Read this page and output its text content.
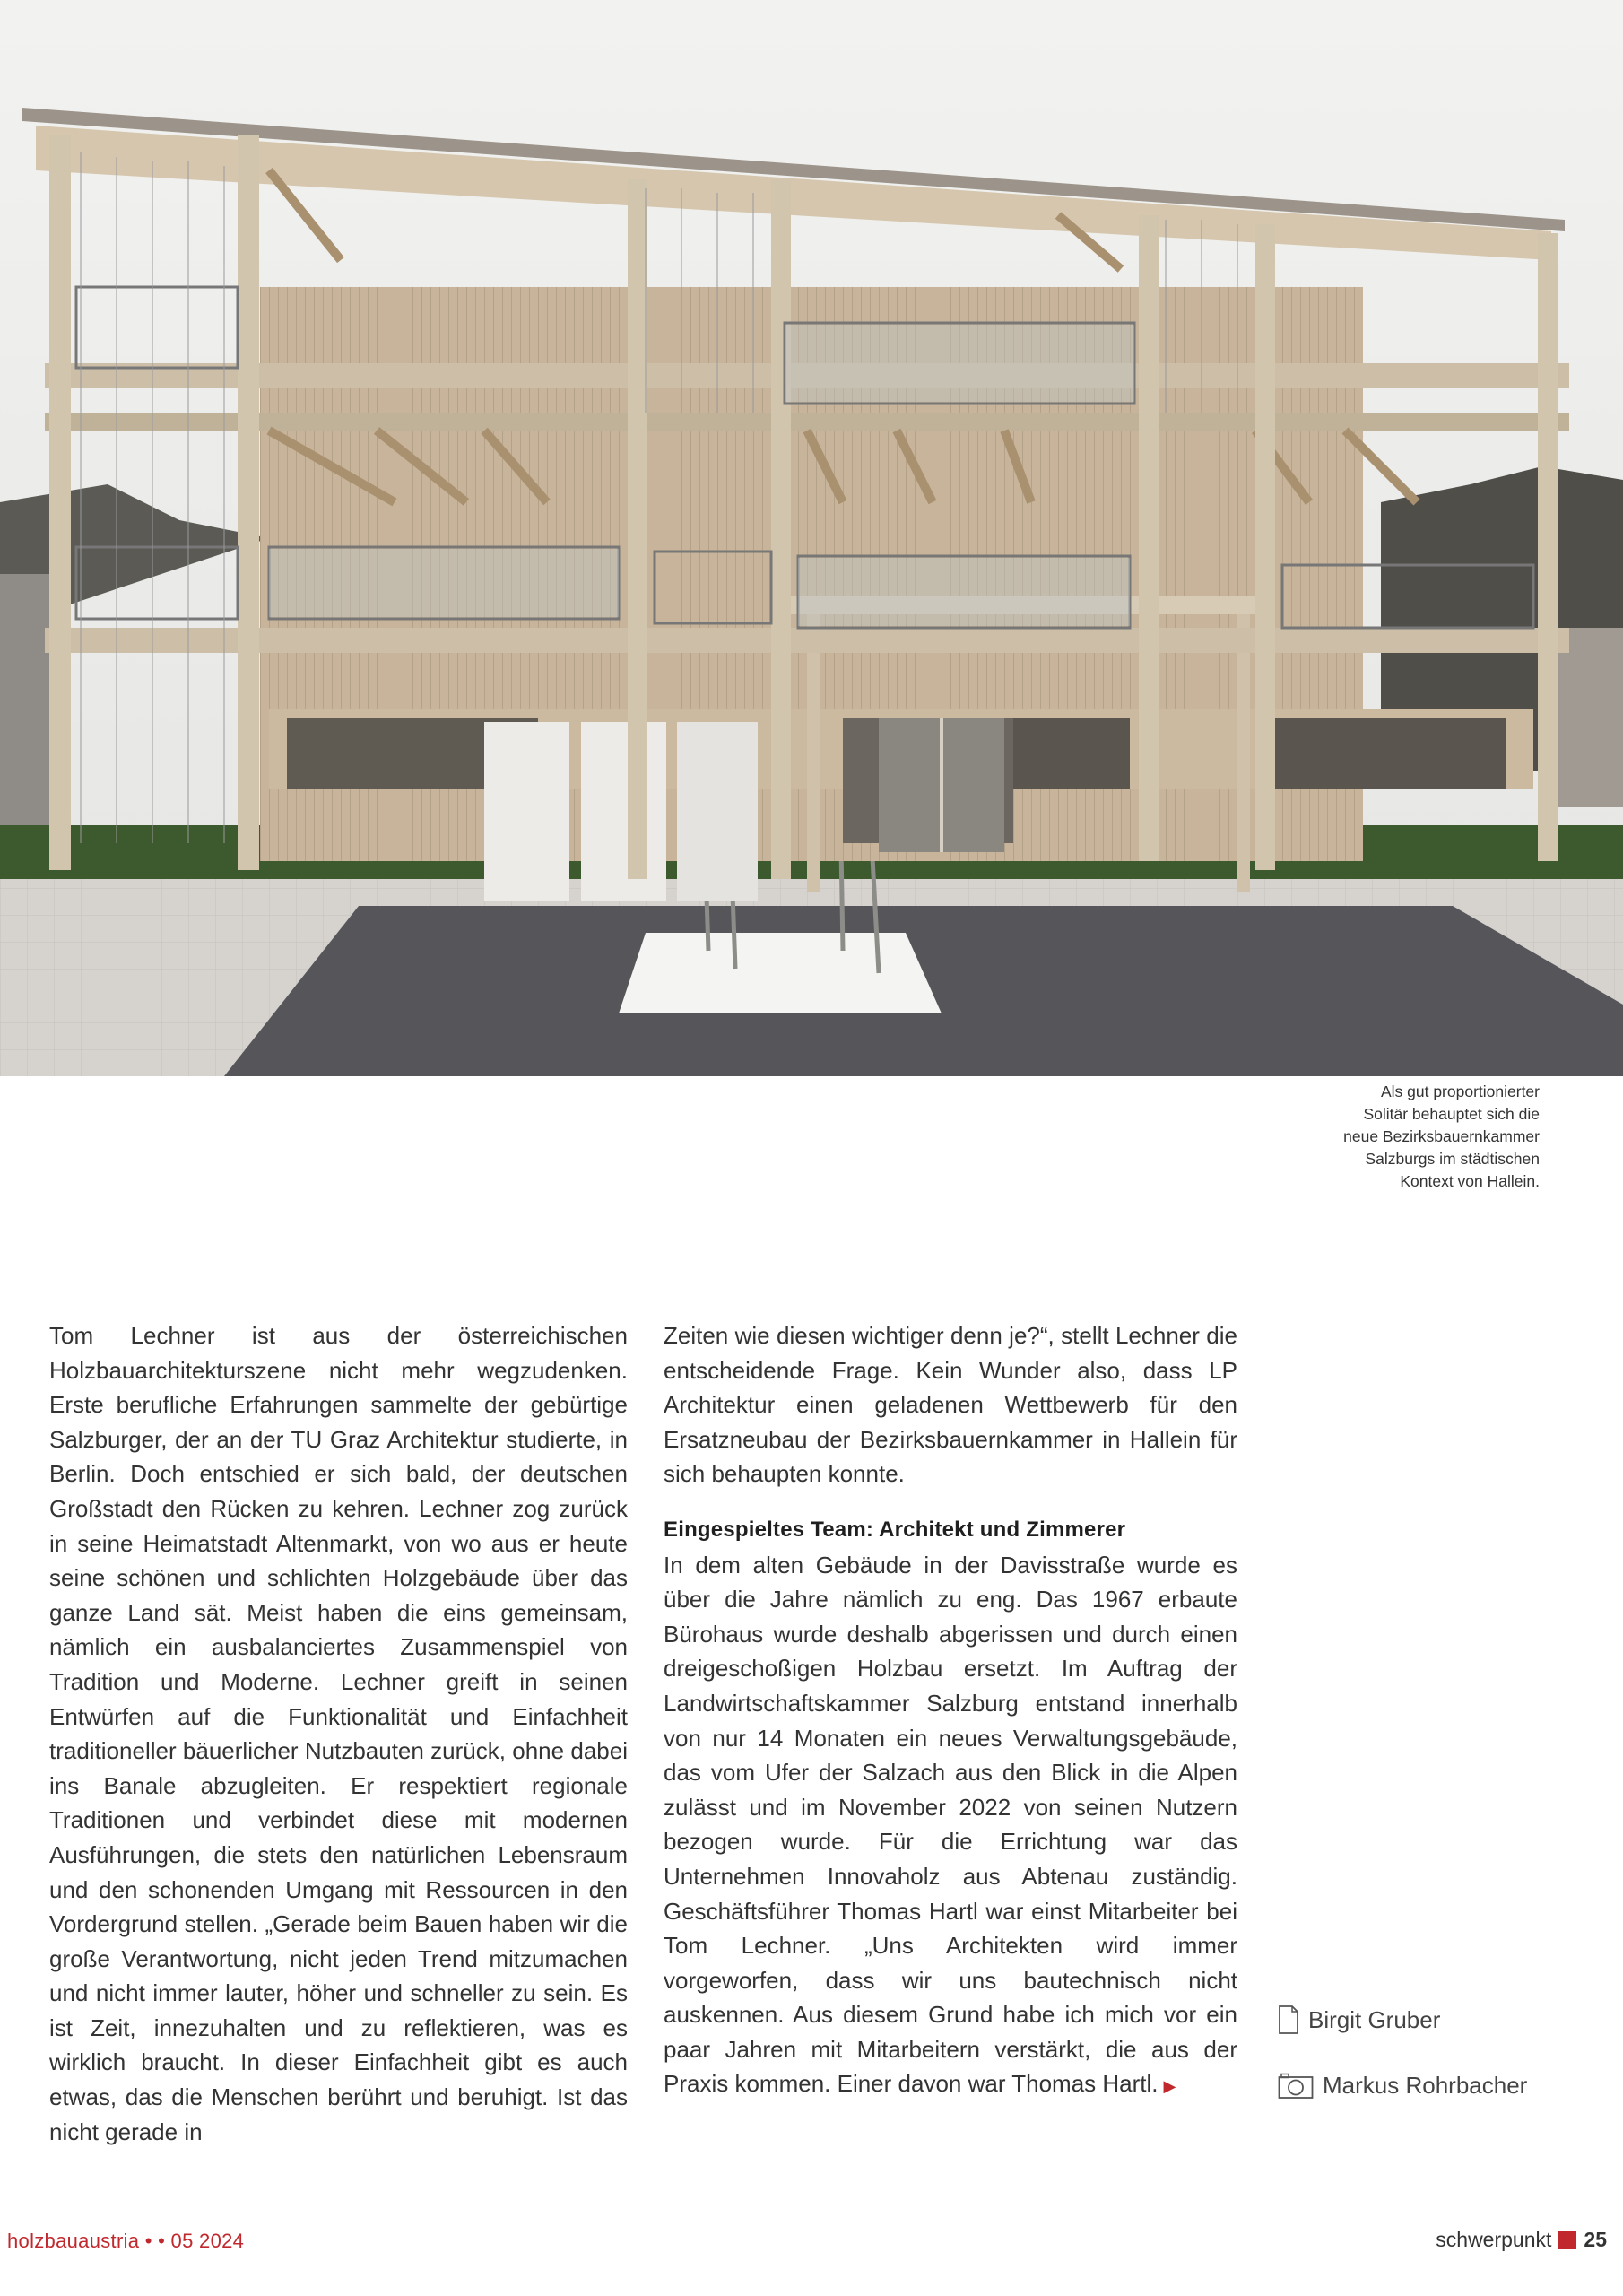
Als gut proportionierter
Solitär behauptet sich die
neue Bezirksbauernkammer
Salzburgs im städtischen
Kontext von Hallein.

Tom Lechner ist aus der österreichischen Holzbauarchitekturszene nicht mehr wegzudenken. Erste berufliche Erfahrungen sammelte der gebürtige Salzburger, der an der TU Graz Architektur studierte, in Berlin. Doch entschied er sich bald, der deutschen Großstadt den Rücken zu kehren. Lechner zog zurück in seine Heimatstadt Altenmarkt, von wo aus er heute seine schönen und schlichten Holzgebäude über das ganze Land sät. Meist haben die eins gemeinsam, nämlich ein ausbalanciertes Zusammenspiel von Tradition und Moderne. Lechner greift in seinen Entwürfen auf die Funktionalität und Einfachheit traditioneller bäuerlicher Nutzbauten zurück, ohne dabei ins Banale abzugleiten. Er respektiert regionale Traditionen und verbindet diese mit modernen Ausführungen, die stets den natürlichen Lebensraum und den schonenden Umgang mit Ressourcen in den Vordergrund stellen. „Gerade beim Bauen haben wir die große Verantwortung, nicht jeden Trend mitzumachen und nicht immer lauter, höher und schneller zu sein. Es ist Zeit, innezuhalten und zu reflektieren, was es wirklich braucht. In dieser Einfachheit gibt es auch etwas, das die Menschen berührt und beruhigt. Ist das nicht gerade in

Zeiten wie diesen wichtiger denn je?“, stellt Lechner die entscheidende Frage. Kein Wunder also, dass LP Architektur einen geladenen Wettbewerb für den Ersatzneubau der Bezirksbauernkammer in Hallein für sich behaupten konnte.

Eingespieltes Team: Architekt und Zimmerer

In dem alten Gebäude in der Davisstraße wurde es über die Jahre nämlich zu eng. Das 1967 erbaute Bürohaus wurde deshalb abgerissen und durch einen dreigeschoßigen Holzbau ersetzt. Im Auftrag der Landwirtschaftskammer Salzburg entstand innerhalb von nur 14 Monaten ein neues Verwaltungsgebäude, das vom Ufer der Salzach aus den Blick in die Alpen zulässt und im November 2022 von seinen Nutzern bezogen wurde. Für die Errichtung war das Unternehmen Innovaholz aus Abtenau zuständig. Geschäftsführer Thomas Hartl war einst Mitarbeiter bei Tom Lechner. „Uns Architekten wird immer vorgeworfen, dass wir uns bautechnisch nicht auskennen. Aus diesem Grund habe ich mich vor ein paar Jahren mit Mitarbeitern verstärkt, die aus der Praxis kommen. Einer davon war Thomas Hartl. ▶

Birgit Gruber
Markus Rohrbacher
holzbauaustria • • 05 2024	schwerpunkt 25
